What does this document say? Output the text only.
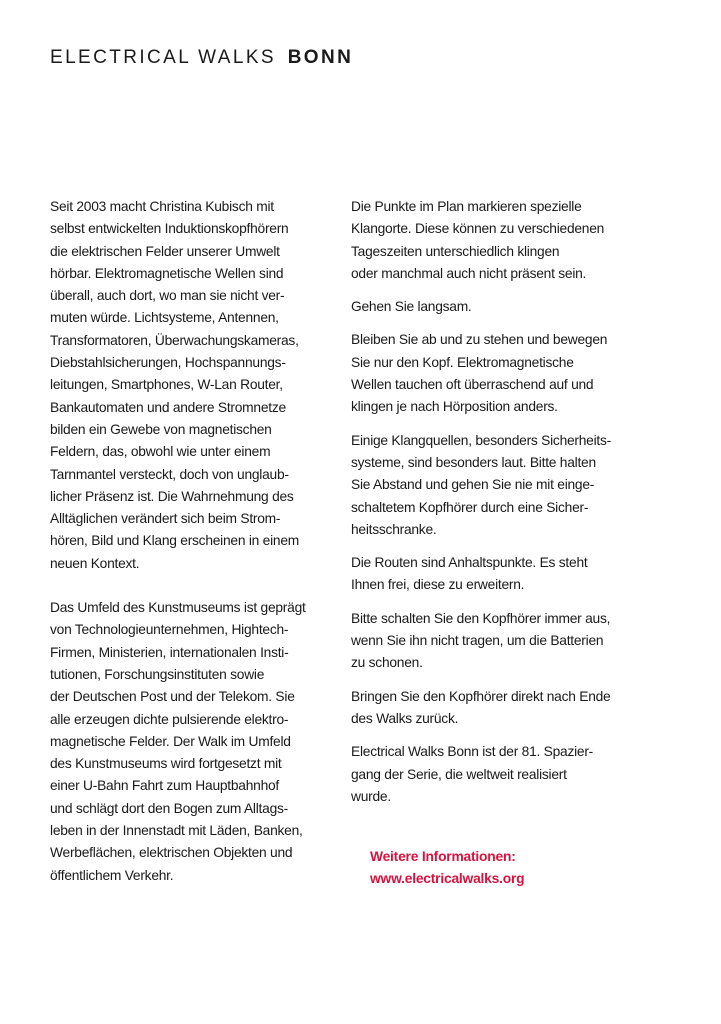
ELECTRICAL WALKS BONN
Seit 2003 macht Christina Kubisch mit
selbst entwickelten Induktionskopfhörern
die elektrischen Felder unserer Umwelt
hörbar. Elektromagnetische Wellen sind
überall, auch dort, wo man sie nicht ver-
muten würde. Lichtsysteme, Antennen,
Transformatoren, Überwachungskameras,
Diebstahlsicherungen, Hochspannungs-
leitungen, Smartphones, W-Lan Router,
Bankautomaten und andere Stromnetze
bilden ein Gewebe von magnetischen
Feldern, das, obwohl wie unter einem
Tarnmantel versteckt, doch von unglaub-
licher Präsenz ist. Die Wahrnehmung des
Alltäglichen verändert sich beim Strom-
hören, Bild und Klang erscheinen in einem
neuen Kontext.
Das Umfeld des Kunstmuseums ist geprägt
von Technologieunternehmen, Hightech-
Firmen, Ministerien, internationalen Insti-
tutionen, Forschungsinstituten sowie
der Deutschen Post und der Telekom. Sie
alle erzeugen dichte pulsierende elektro-
magnetische Felder. Der Walk im Umfeld
des Kunstmuseums wird fortgesetzt mit
einer U-Bahn Fahrt zum Hauptbahnhof
und schlägt dort den Bogen zum Alltags-
leben in der Innenstadt mit Läden, Banken,
Werbeflächen, elektrischen Objekten und
öffentlichem Verkehr.
Die Punkte im Plan markieren spezielle
Klangorte. Diese können zu verschiedenen
Tageszeiten unterschiedlich klingen
oder manchmal auch nicht präsent sein.
Gehen Sie langsam.
Bleiben Sie ab und zu stehen und bewegen
Sie nur den Kopf. Elektromagnetische
Wellen tauchen oft überraschend auf und
klingen je nach Hörposition anders.
Einige Klangquellen, besonders Sicherheits-
systeme, sind besonders laut. Bitte halten
Sie Abstand und gehen Sie nie mit einge-
schaltetem Kopfhörer durch eine Sicher-
heitsschranke.
Die Routen sind Anhaltspunkte. Es steht
Ihnen frei, diese zu erweitern.
Bitte schalten Sie den Kopfhörer immer aus,
wenn Sie ihn nicht tragen, um die Batterien
zu schonen.
Bringen Sie den Kopfhörer direkt nach Ende
des Walks zurück.
Electrical Walks Bonn ist der 81. Spazier-
gang der Serie, die weltweit realisiert
wurde.
Weitere Informationen:
www.electricalwalks.org
